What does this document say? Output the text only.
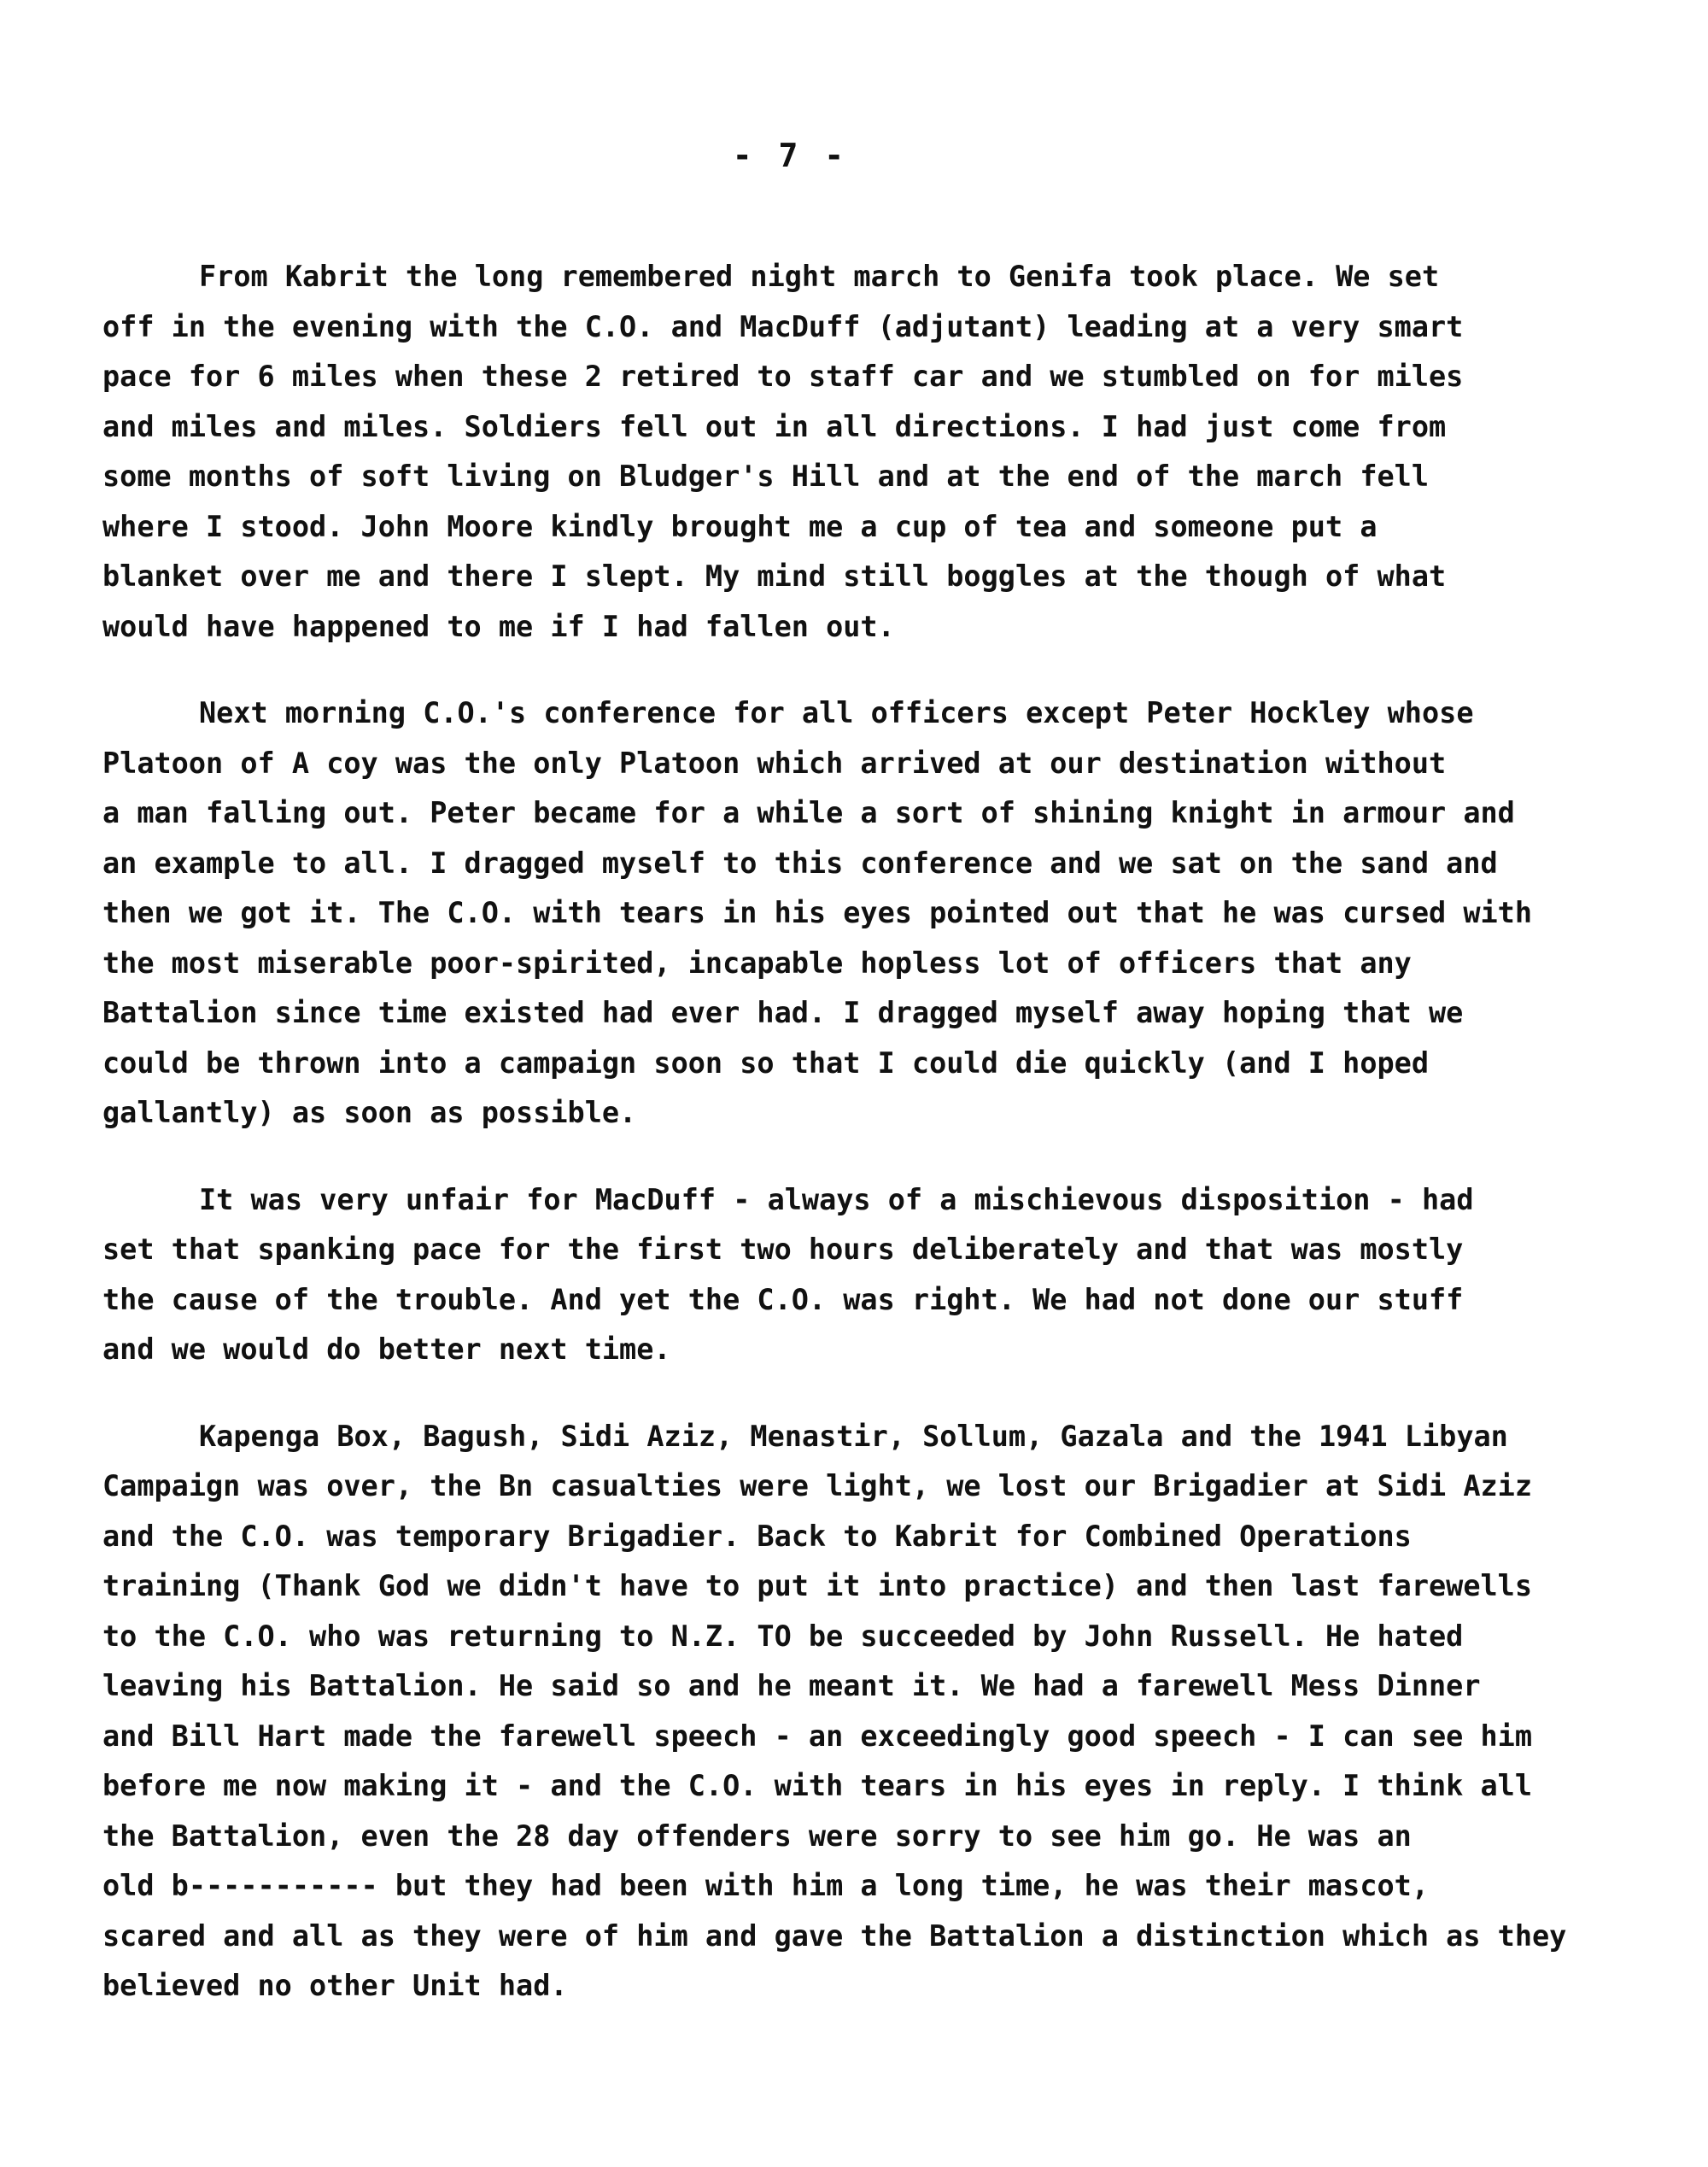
- 7 -
From Kabrit the long remembered night march to Genifa took place. We set
off in the evening with the C.O. and MacDuff (adjutant) leading at a very smart
pace for 6 miles when these 2 retired to staff car and we stumbled on for miles
and miles and miles. Soldiers fell out in all directions. I had just come from
some months of soft living on Bludger's Hill and at the end of the march fell
where I stood. John Moore kindly brought me a cup of tea and someone put a
blanket over me and there I slept. My mind still boggles at the though of what
would have happened to me if I had fallen out.
Next morning C.O.'s conference for all officers except Peter Hockley whose
Platoon of A coy was the only Platoon which arrived at our destination without
a man falling out. Peter became for a while a sort of shining knight in armour and
an example to all. I dragged myself to this conference and we sat on the sand and
then we got it. The C.O. with tears in his eyes pointed out that he was cursed with
the most miserable poor-spirited, incapable hopless lot of officers that any
Battalion since time existed had ever had. I dragged myself away hoping that we
could be thrown into a campaign soon so that I could die quickly (and I hoped
gallantly) as soon as possible.
It was very unfair for MacDuff - always of a mischievous disposition - had
set that spanking pace for the first two hours deliberately and that was mostly
the cause of the trouble. And yet the C.O. was right. We had not done our stuff
and we would do better next time.
Kapenga Box, Bagush, Sidi Aziz, Menastir, Sollum, Gazala and the 1941 Libyan
Campaign was over, the Bn casualties were light, we lost our Brigadier at Sidi Aziz
and the C.O. was temporary Brigadier. Back to Kabrit for Combined Operations
training (Thank God we didn't have to put it into practice) and then last farewells
to the C.O. who was returning to N.Z. TO be succeeded by John Russell. He hated
leaving his Battalion. He said so and he meant it. We had a farewell Mess Dinner
and Bill Hart made the farewell speech - an exceedingly good speech - I can see him
before me now making it - and the C.O. with tears in his eyes in reply. I think all
the Battalion, even the 28 day offenders were sorry to see him go. He was an
old b----------- but they had been with him a long time, he was their mascot,
scared and all as they were of him and gave the Battalion a distinction which as they
believed no other Unit had.
